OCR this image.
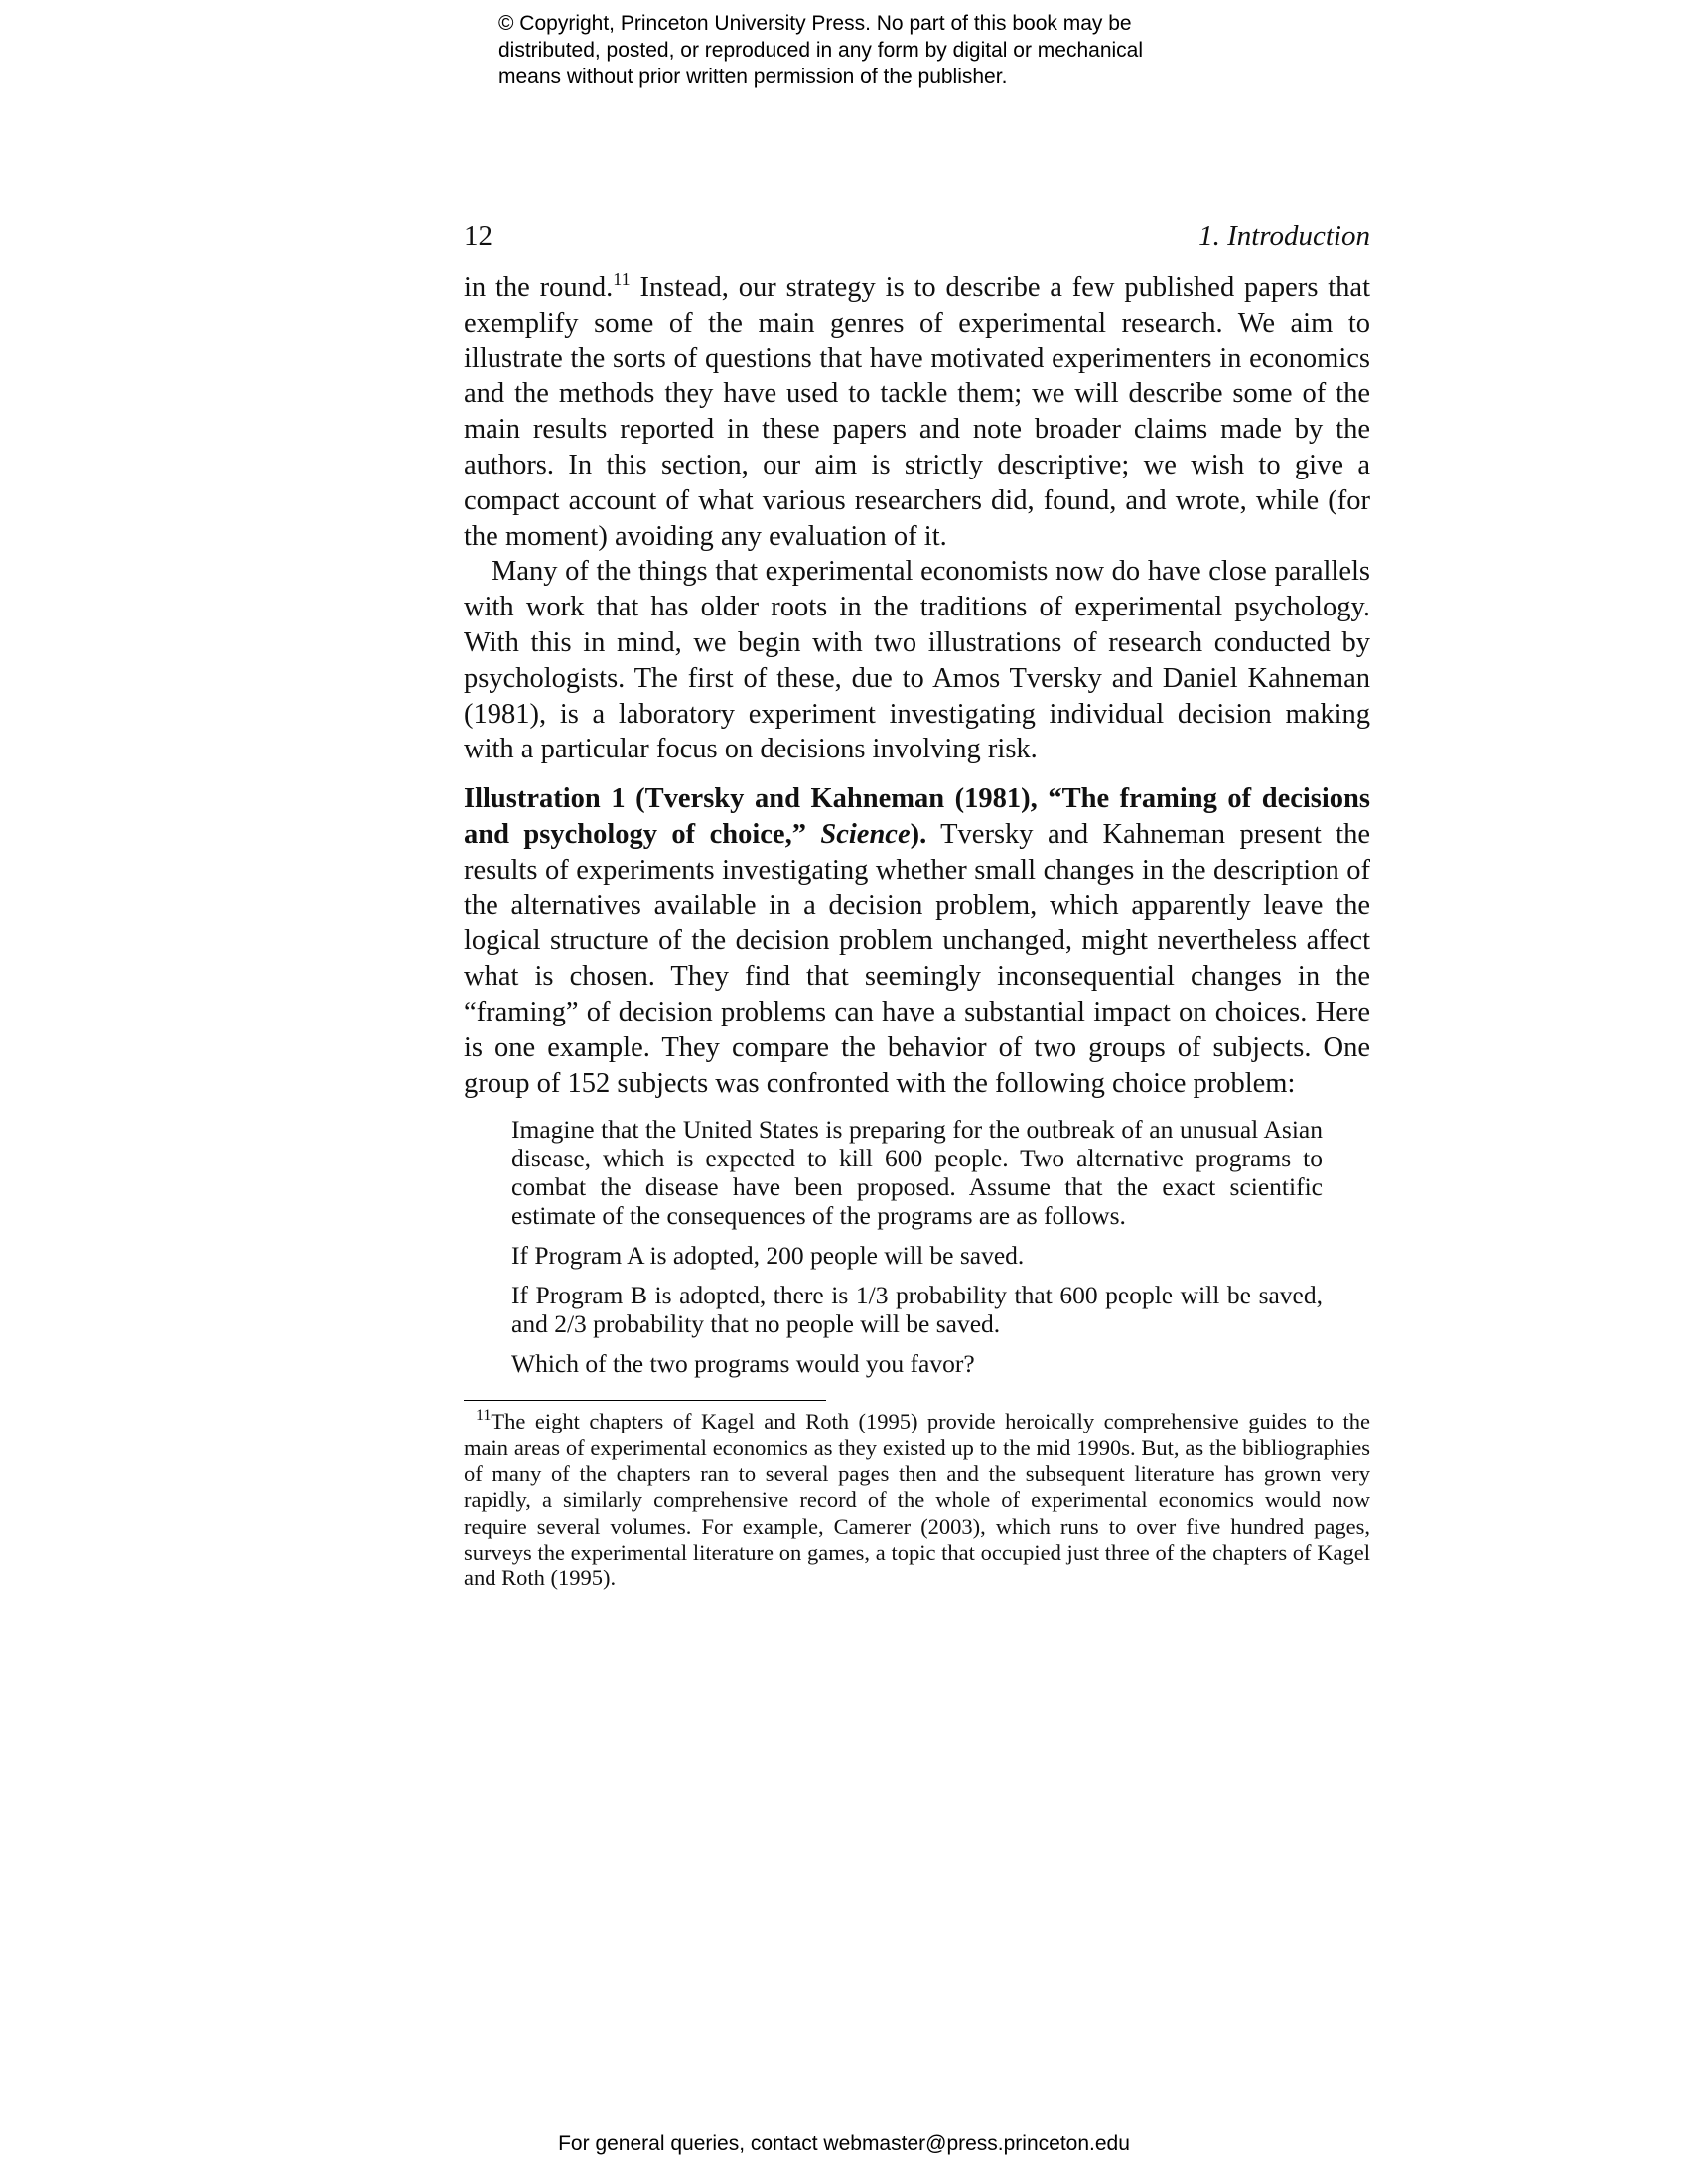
© Copyright, Princeton University Press. No part of this book may be
distributed, posted, or reproduced in any form by digital or mechanical
means without prior written permission of the publisher.
12	1. Introduction

in the round.$^{11}$ Instead, our strategy is to describe a few published papers that exemplify some of the main genres of experimental research. We aim to illustrate the sorts of questions that have motivated experimenters in economics and the methods they have used to tackle them; we will describe some of the main results reported in these papers and note broader claims made by the authors. In this section, our aim is strictly descriptive; we wish to give a compact account of what various researchers did, found, and wrote, while (for the moment) avoiding any evaluation of it.

Many of the things that experimental economists now do have close parallels with work that has older roots in the traditions of experimental psychology. With this in mind, we begin with two illustrations of research conducted by psychologists. The first of these, due to Amos Tversky and Daniel Kahneman (1981), is a laboratory experiment investigating individual decision making with a particular focus on decisions involving risk.

Illustration 1 (Tversky and Kahneman (1981), “The framing of decisions and psychology of choice,” Science). Tversky and Kahneman present the results of experiments investigating whether small changes in the description of the alternatives available in a decision problem, which apparently leave the logical structure of the decision problem unchanged, might nevertheless affect what is chosen. They find that seemingly inconsequential changes in the “framing” of decision problems can have a substantial impact on choices. Here is one example. They compare the behavior of two groups of subjects. One group of 152 subjects was confronted with the following choice problem:

Imagine that the United States is preparing for the outbreak of an unusual Asian disease, which is expected to kill 600 people. Two alternative programs to combat the disease have been proposed. Assume that the exact scientific estimate of the consequences of the programs are as follows.

If Program A is adopted, 200 people will be saved.

If Program B is adopted, there is 1/3 probability that 600 people will be saved, and 2/3 probability that no people will be saved.

Which of the two programs would you favor?

$^{11}$The eight chapters of Kagel and Roth (1995) provide heroically comprehensive guides to the main areas of experimental economics as they existed up to the mid 1990s. But, as the bibliographies of many of the chapters ran to several pages then and the subsequent literature has grown very rapidly, a similarly comprehensive record of the whole of experimental economics would now require several volumes. For example, Camerer (2003), which runs to over five hundred pages, surveys the experimental literature on games, a topic that occupied just three of the chapters of Kagel and Roth (1995).

For general queries, contact webmaster@press.princeton.edu
